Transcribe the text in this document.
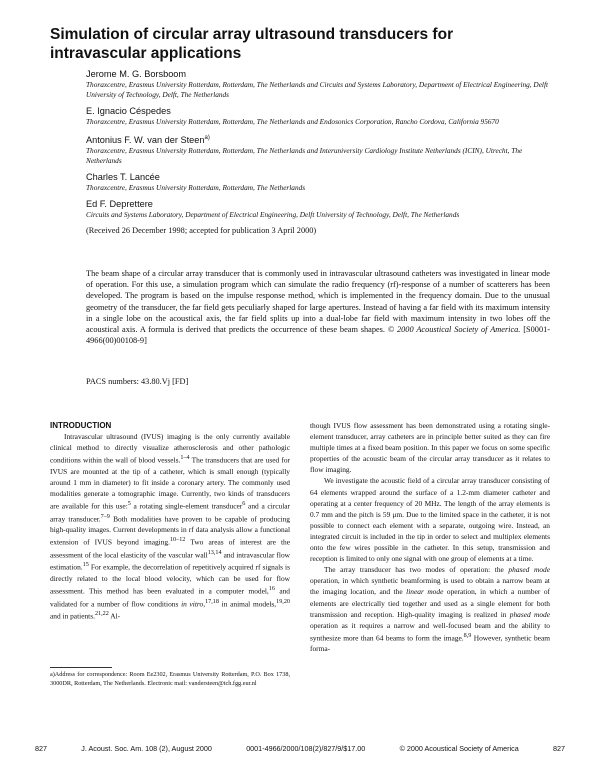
Simulation of circular array ultrasound transducers for intravascular applications
Jerome M. G. Borsboom
Thoraxcentre, Erasmus University Rotterdam, Rotterdam, The Netherlands and Circuits and Systems Laboratory, Department of Electrical Engineering, Delft University of Technology, Delft, The Netherlands
E. Ignacio Céspedes
Thoraxcentre, Erasmus University Rotterdam, Rotterdam, The Netherlands and Endosonics Corporation, Rancho Cordova, California 95670
Antonius F. W. van der Steen$^{a)}$
Thoraxcentre, Erasmus University Rotterdam, Rotterdam, The Netherlands and Interuniversity Cardiology Institute Netherlands (ICIN), Utrecht, The Netherlands
Charles T. Lancée
Thoraxcentre, Erasmus University Rotterdam, Rotterdam, The Netherlands
Ed F. Deprettere
Circuits and Systems Laboratory, Department of Electrical Engineering, Delft University of Technology, Delft, The Netherlands
(Received 26 December 1998; accepted for publication 3 April 2000)
The beam shape of a circular array transducer that is commonly used in intravascular ultrasound catheters was investigated in linear mode of operation. For this use, a simulation program which can simulate the radio frequency (rf)-response of a number of scatterers has been developed. The program is based on the impulse response method, which is implemented in the frequency domain. Due to the unusual geometry of the transducer, the far field gets peculiarly shaped for large apertures. Instead of having a far field with its maximum intensity in a single lobe on the acoustical axis, the far field splits up into a dual-lobe far field with maximum intensity in two lobes off the acoustical axis. A formula is derived that predicts the occurrence of these beam shapes. © 2000 Acoustical Society of America. [S0001-4966(00)00108-9]
PACS numbers: 43.80.Vj [FD]

INTRODUCTION

Intravascular ultrasound (IVUS) imaging is the only currently available clinical method to directly visualize atherosclerosis and other pathologic conditions within the wall of blood vessels.$^{1-4}$ The transducers that are used for IVUS are mounted at the tip of a catheter, which is small enough (typically around 1 mm in diameter) to fit inside a coronary artery. The commonly used modalities generate a tomographic image. Currently, two kinds of transducers are available for this use:$^5$ a rotating single-element transducer$^6$ and a circular array transducer.$^{7-9}$ Both modalities have proven to be capable of producing high-quality images. Current developments in rf data analysis allow a functional extension of IVUS beyond imaging.$^{10-12}$ Two areas of interest are the assessment of the local elasticity of the vascular wall$^{13,14}$ and intravascular flow estimation.$^{15}$ For example, the decorrelation of repetitively acquired rf signals is directly related to the local blood velocity, which can be used for flow assessment. This method has been evaluated in a computer model,$^{16}$ and validated for a number of flow conditions in vitro,$^{17,18}$ in animal models,$^{19,20}$ and in patients.$^{21,22}$ Al-

though IVUS flow assessment has been demonstrated using a rotating single-element transducer, array catheters are in principle better suited as they can fire multiple times at a fixed beam position. In this paper we focus on some specific properties of the acoustic beam of the circular array transducer as it relates to flow imaging.

We investigate the acoustic field of a circular array transducer consisting of 64 elements wrapped around the surface of a 1.2-mm diameter catheter and operating at a center frequency of 20 MHz. The length of the array elements is 0.7 mm and the pitch is 59 μm. Due to the limited space in the catheter, it is not possible to connect each element with a separate, outgoing wire. Instead, an integrated circuit is included in the tip in order to select and multiplex elements onto the few wires possible in the catheter. In this setup, transmission and reception is limited to only one signal with one group of elements at a time.

The array transducer has two modes of operation: the phased mode operation, in which synthetic beamforming is used to obtain a narrow beam at the imaging location, and the linear mode operation, in which a number of elements are electrically tied together and used as a single element for both transmission and reception. High-quality imaging is realized in phased mode operation as it requires a narrow and well-focused beam and the ability to synthesize more than 64 beams to form the image.$^{8,9}$ However, synthetic beam forma-

a)Address for correspondence: Room Ee2302, Erasmus University Rotterdam, P.O. Box 1738, 3000DR, Rotterdam, The Netherlands. Electronic mail: vandersteen@tch.fgg.eur.nl
827	J. Acoust. Soc. Am. 108 (2), August 2000	0001-4966/2000/108(2)/827/9/$17.00	© 2000 Acoustical Society of America	827
